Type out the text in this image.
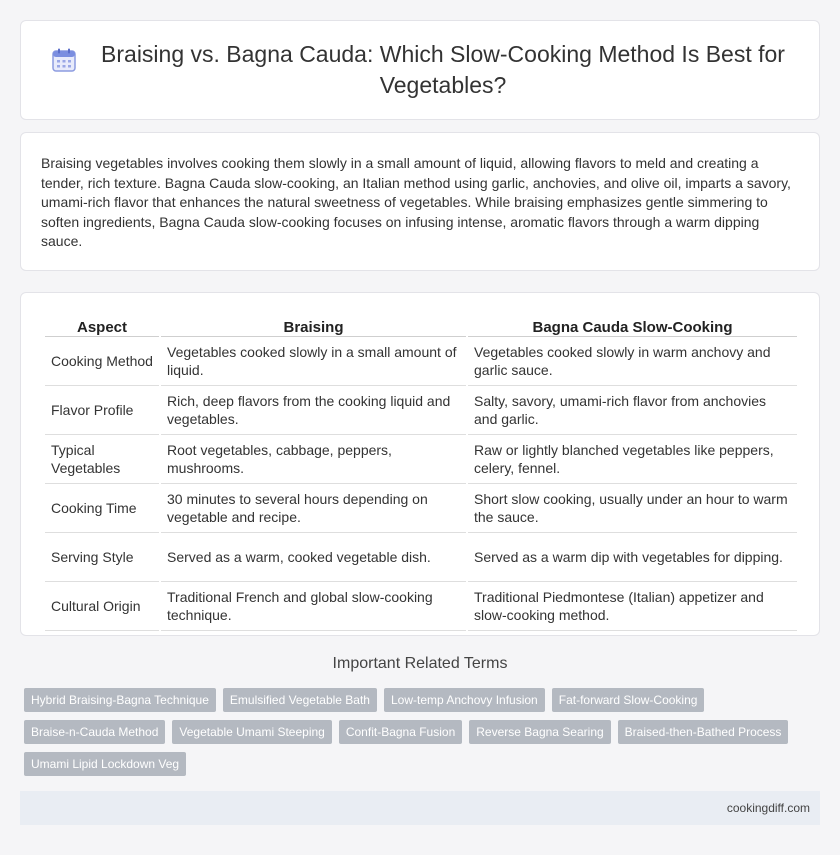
Braising vs. Bagna Cauda: Which Slow-Cooking Method Is Best for Vegetables?

Braising vegetables involves cooking them slowly in a small amount of liquid, allowing flavors to meld and creating a tender, rich texture. Bagna Cauda slow-cooking, an Italian method using garlic, anchovies, and olive oil, imparts a savory, umami-rich flavor that enhances the natural sweetness of vegetables. While braising emphasizes gentle simmering to soften ingredients, Bagna Cauda slow-cooking focuses on infusing intense, aromatic flavors through a warm dipping sauce.

Aspect	Braising	Bagna Cauda Slow-Cooking
Cooking Method	Vegetables cooked slowly in a small amount of liquid.	Vegetables cooked slowly in warm anchovy and garlic sauce.
Flavor Profile	Rich, deep flavors from the cooking liquid and vegetables.	Salty, savory, umami-rich flavor from anchovies and garlic.
Typical Vegetables	Root vegetables, cabbage, peppers, mushrooms.	Raw or lightly blanched vegetables like peppers, celery, fennel.
Cooking Time	30 minutes to several hours depending on vegetable and recipe.	Short slow cooking, usually under an hour to warm the sauce.
Serving Style	Served as a warm, cooked vegetable dish.	Served as a warm dip with vegetables for dipping.
Cultural Origin	Traditional French and global slow-cooking technique.	Traditional Piedmontese (Italian) appetizer and slow-cooking method.
Important Related Terms
Hybrid Braising-Bagna Technique	Emulsified Vegetable Bath	Low-temp Anchovy Infusion	Fat-forward Slow-Cooking
Braise-n-Cauda Method	Vegetable Umami Steeping	Confit-Bagna Fusion	Reverse Bagna Searing	Braised-then-Bathed Process
Umami Lipid Lockdown Veg
cookingdiff.com
